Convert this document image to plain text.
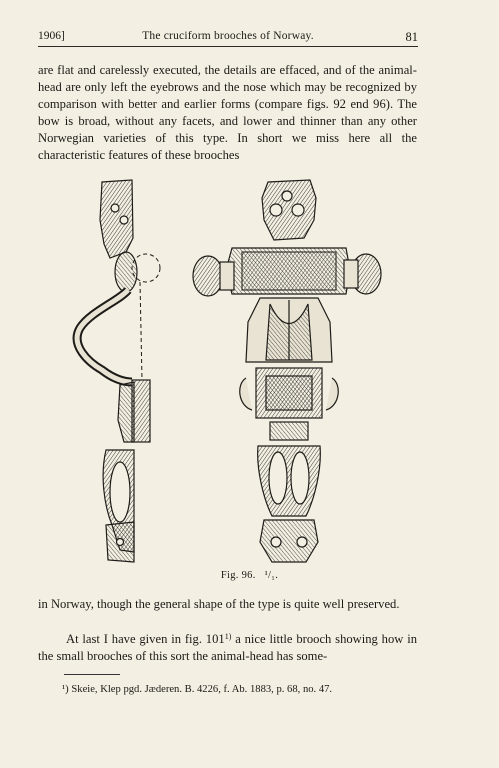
1906]	The cruciform brooches of Norway.	81
are flat and carelessly executed, the details are effaced, and of the animal-head are only left the eyebrows and the nose which may be recognized by comparison with better and earlier forms (compare figs. 92 end 96). The bow is broad, without any facets, and lower and thinner than any other Norwegian varieties of this type. In short we miss here all the characteristic features of these brooches
Fig. 96. ¹/₁.
in Norway, though the general shape of the type is quite well preserved.
At last I have given in fig. 101$^{1)}$ a nice little brooch showing how in the small brooches of this sort the animal-head has some-
¹) Skeie, Klep pgd. Jæderen. B. 4226, f. Ab. 1883, p. 68, no. 47.
